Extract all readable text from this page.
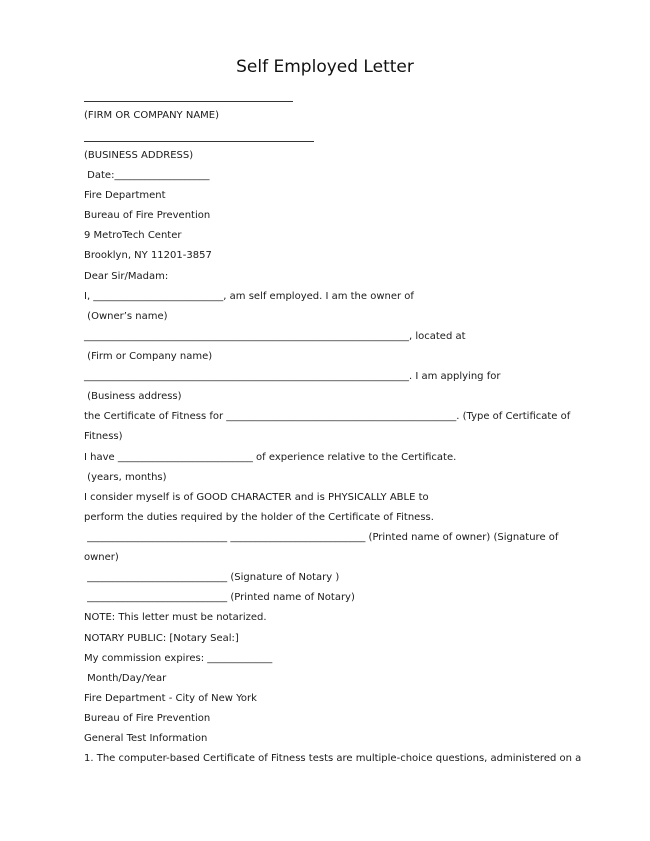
Self Employed Letter
(FIRM OR COMPANY NAME)
(BUSINESS ADDRESS)
Date:___________________
Fire Department
Bureau of Fire Prevention
9 MetroTech Center
Brooklyn, NY 11201-3857
Dear Sir/Madam:
I, __________________________, am self employed. I am the owner of
(Owner’s name)
_________________________________________________________________, located at
(Firm or Company name)
_________________________________________________________________. I am applying for
(Business address)
the Certificate of Fitness for ______________________________________________. (Type of Certificate of
Fitness)
I have ___________________________ of experience relative to the Certificate.
(years, months)
I consider myself is of GOOD CHARACTER and is PHYSICALLY ABLE to
perform the duties required by the holder of the Certificate of Fitness.
____________________________ ___________________________ (Printed name of owner) (Signature of
owner)
____________________________ (Signature of Notary )
____________________________ (Printed name of Notary)
NOTE: This letter must be notarized.
NOTARY PUBLIC: [Notary Seal:]
My commission expires: _____________
Month/Day/Year
Fire Department - City of New York
Bureau of Fire Prevention
General Test Information
1. The computer-based Certificate of Fitness tests are multiple-choice questions, administered on a
